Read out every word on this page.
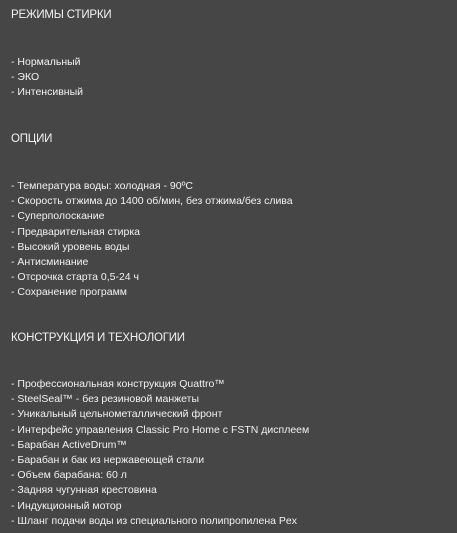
РЕЖИМЫ СТИРКИ
- Нормальный
- ЭКО
- Интенсивный
ОПЦИИ
- Температура воды: холодная - 90ºС
- Скорость отжима до 1400 об/мин, без отжима/без слива
- Суперполоскание
- Предварительная стирка
- Высокий уровень воды
- Антисминание
- Отсрочка старта 0,5-24 ч
- Сохранение программ
КОНСТРУКЦИЯ И ТЕХНОЛОГИИ
- Профессиональная конструкция Quattro™
- SteelSeal™ - без резиновой манжеты
- Уникальный цельнометаллический фронт
- Интерфейс управления Classic Pro Home с FSTN дисплеем
- Барабан ActiveDrum™
- Барабан и бак из нержавеющей стали
- Объем барабана: 60 л
- Задняя чугунная крестовина
- Индукционный мотор
- Шланг подачи воды из специального полипропилена Pex
